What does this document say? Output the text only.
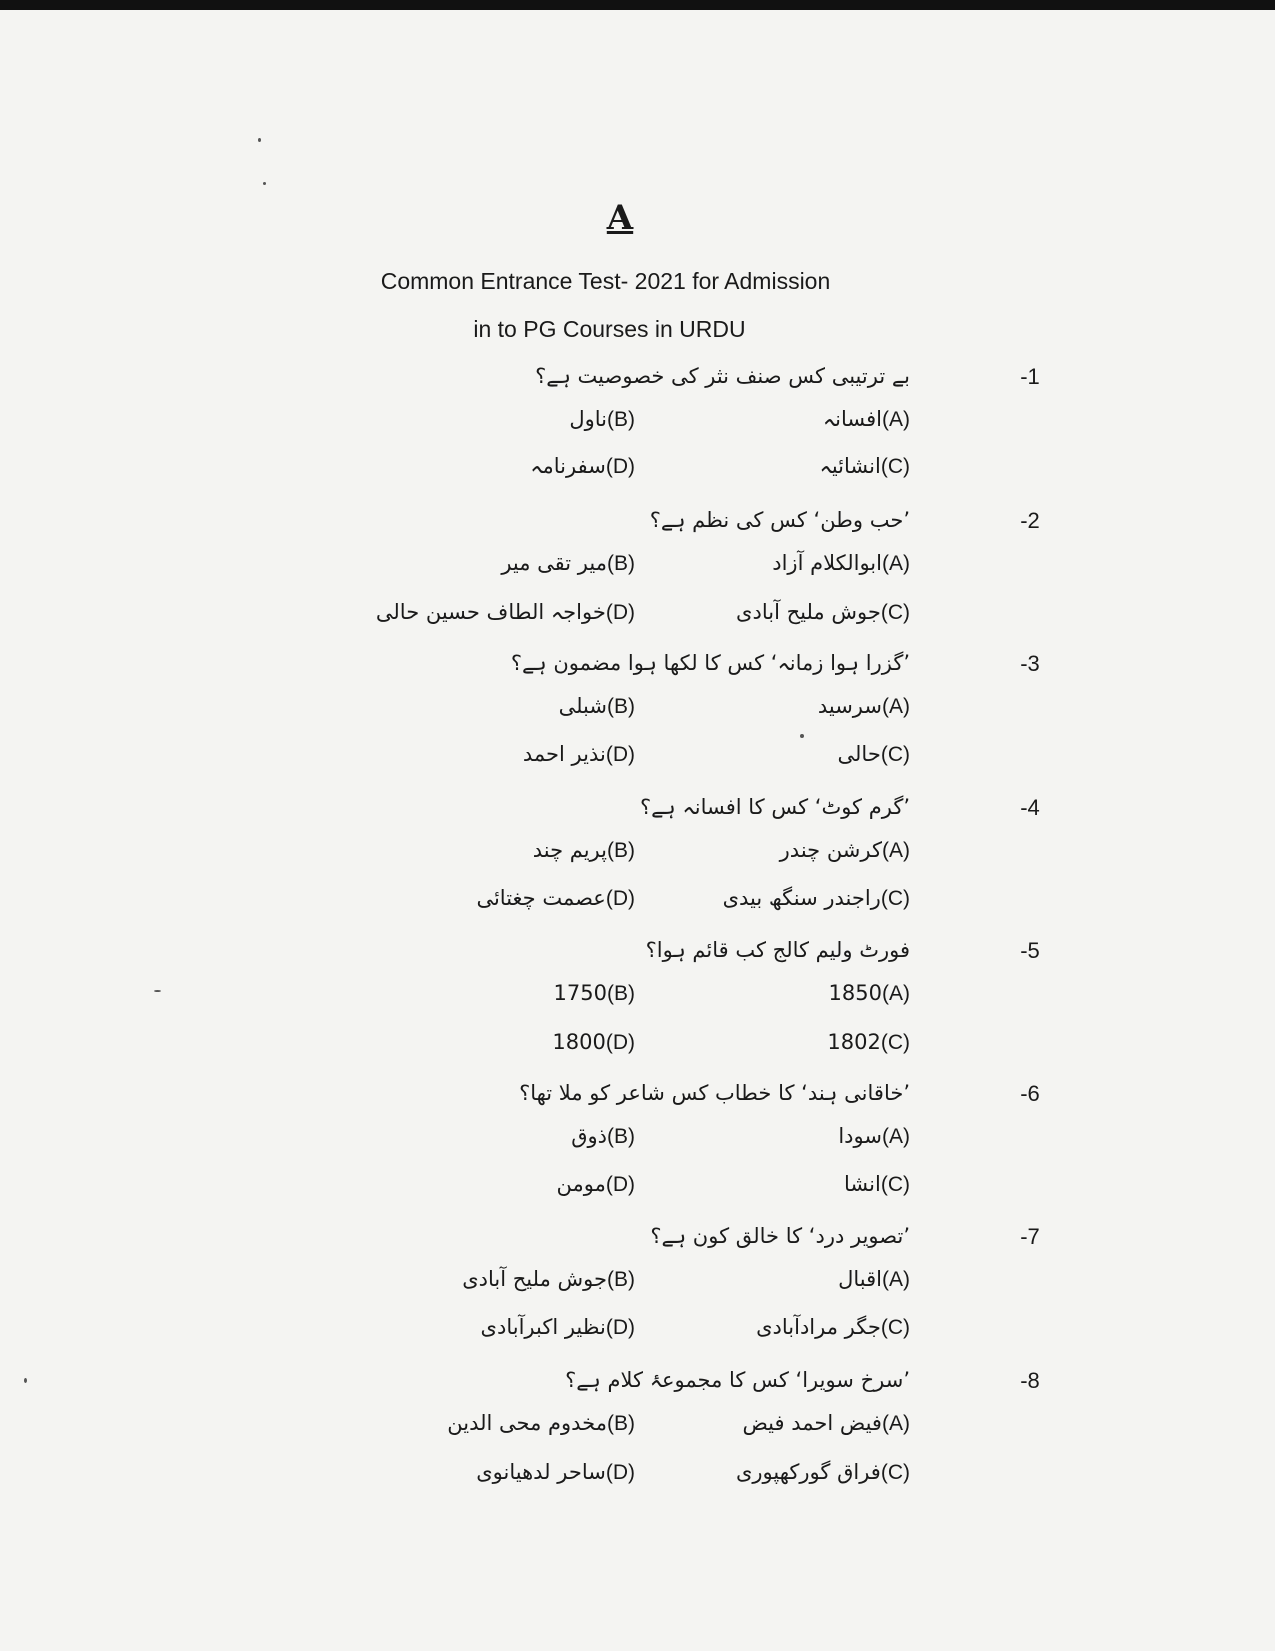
A
Common Entrance Test- 2021 for Admission
in to PG Courses in URDU
-1
بے ترتیبی کس صنف نثر کی خصوصیت ہے؟
(A)افسانہ
(B)ناول
(C)انشائیہ
(D)سفرنامہ
-2
’حب وطن‘ کس کی نظم ہے؟
(A)ابوالکلام آزاد
(B)میر تقی میر
(C)جوش ملیح آبادی
(D)خواجہ الطاف حسین حالی
-3
’گزرا ہوا زمانہ‘ کس کا لکھا ہوا مضمون ہے؟
(A)سرسید
(B)شبلی
(C)حالی
(D)نذیر احمد
-4
’گرم کوٹ‘ کس کا افسانہ ہے؟
(A)کرشن چندر
(B)پریم چند
(C)راجندر سنگھ بیدی
(D)عصمت چغتائی
-5
فورٹ ولیم کالج کب قائم ہوا؟
(A)1850
(B)1750
(C)1802
(D)1800
-6
’خاقانی ہند‘ کا خطاب کس شاعر کو ملا تھا؟
(A)سودا
(B)ذوق
(C)انشا
(D)مومن
-7
’تصویر درد‘ کا خالق کون ہے؟
(A)اقبال
(B)جوش ملیح آبادی
(C)جگر مرادآبادی
(D)نظیر اکبرآبادی
-8
’سرخ سویرا‘ کس کا مجموعۂ کلام ہے؟
(A)فیض احمد فیض
(B)مخدوم محی الدین
(C)فراق گورکھپوری
(D)ساحر لدھیانوی
